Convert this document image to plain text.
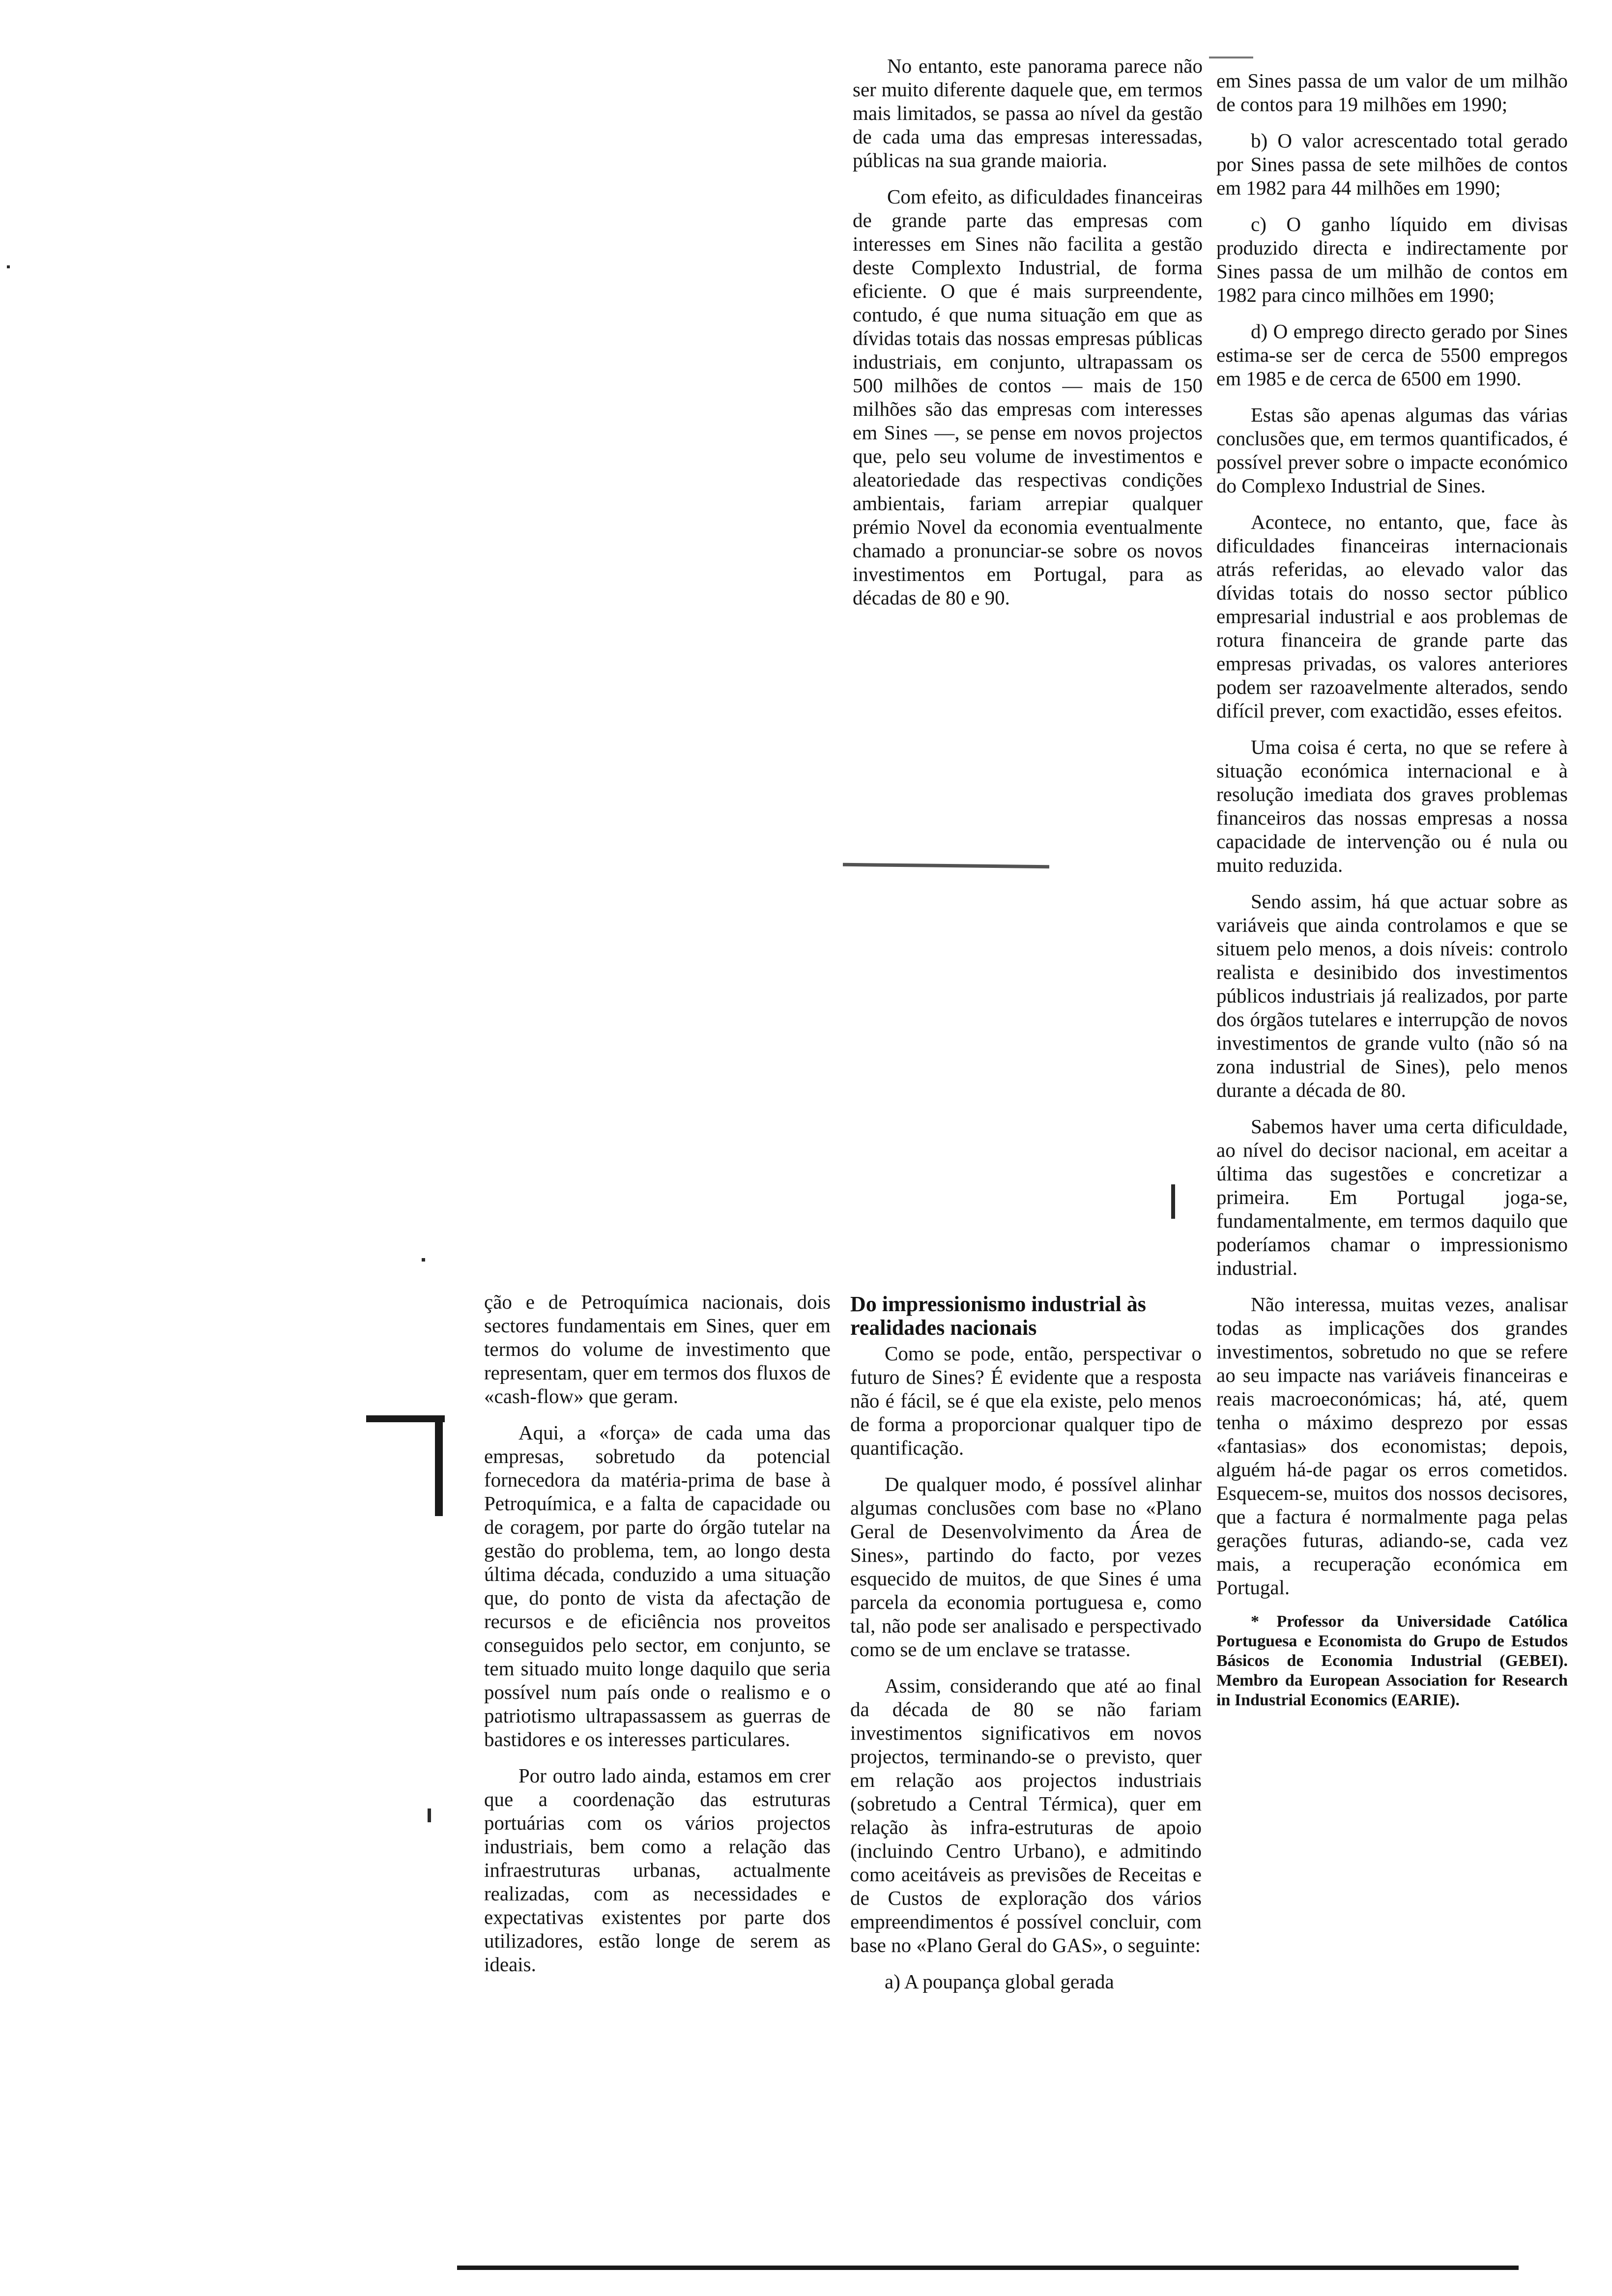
No entanto, este panorama parece não ser muito diferente daquele que, em termos mais limitados, se passa ao nível da gestão de cada uma das empresas interessadas, públicas na sua grande maioria.

Com efeito, as dificuldades financeiras de grande parte das empresas com interesses em Sines não facilita a gestão deste Complexto Industrial, de forma eficiente. O que é mais surpreendente, contudo, é que numa situação em que as dívidas totais das nossas empresas públicas industriais, em conjunto, ultrapassam os 500 milhões de contos — mais de 150 milhões são das empresas com interesses em Sines —, se pense em novos projectos que, pelo seu volume de investimentos e aleatoriedade das respectivas condições ambientais, fariam arrepiar qualquer prémio Novel da economia eventualmente chamado a pronunciar-se sobre os novos investimentos em Portugal, para as décadas de 80 e 90.

em Sines passa de um valor de um milhão de contos para 19 milhões em 1990;

b) O valor acrescentado total gerado por Sines passa de sete milhões de contos em 1982 para 44 milhões em 1990;

c) O ganho líquido em divisas produzido directa e indirectamente por Sines passa de um milhão de contos em 1982 para cinco milhões em 1990;

d) O emprego directo gerado por Sines estima-se ser de cerca de 5500 empregos em 1985 e de cerca de 6500 em 1990.

Estas são apenas algumas das várias conclusões que, em termos quantificados, é possível prever sobre o impacte económico do Complexo Industrial de Sines.

Acontece, no entanto, que, face às dificuldades financeiras internacionais atrás referidas, ao elevado valor das dívidas totais do nosso sector público empresarial industrial e aos problemas de rotura financeira de grande parte das empresas privadas, os valores anteriores podem ser razoavelmente alterados, sendo difícil prever, com exactidão, esses efeitos.

Uma coisa é certa, no que se refere à situação económica internacional e à resolução imediata dos graves problemas financeiros das nossas empresas a nossa capacidade de intervenção ou é nula ou muito reduzida.

Sendo assim, há que actuar sobre as variáveis que ainda controlamos e que se situem pelo menos, a dois níveis: controlo realista e desinibido dos investimentos públicos industriais já realizados, por parte dos órgãos tutelares e interrupção de novos investimentos de grande vulto (não só na zona industrial de Sines), pelo menos durante a década de 80.

Sabemos haver uma certa dificuldade, ao nível do decisor nacional, em aceitar a última das sugestões e concretizar a primeira. Em Portugal joga-se, fundamentalmente, em termos daquilo que poderíamos chamar o impressionismo industrial.

Não interessa, muitas vezes, analisar todas as implicações dos grandes investimentos, sobretudo no que se refere ao seu impacte nas variáveis financeiras e reais macroeconómicas; há, até, quem tenha o máximo desprezo por essas «fantasias» dos economistas; depois, alguém há-de pagar os erros cometidos. Esquecem-se, muitos dos nossos decisores, que a factura é normalmente paga pelas gerações futuras, adiando-se, cada vez mais, a recuperação económica em Portugal.

* Professor da Universidade Católica Portuguesa e Economista do Grupo de Estudos Básicos de Economia Industrial (GEBEI). Membro da European Association for Research in Industrial Economics (EARIE).

ção e de Petroquímica nacionais, dois sectores fundamentais em Sines, quer em termos do volume de investimento que representam, quer em termos dos fluxos de «cash-flow» que geram.

Aqui, a «força» de cada uma das empresas, sobretudo da potencial fornecedora da matéria-prima de base à Petroquímica, e a falta de capacidade ou de coragem, por parte do órgão tutelar na gestão do problema, tem, ao longo desta última década, conduzido a uma situação que, do ponto de vista da afectação de recursos e de eficiência nos proveitos conseguidos pelo sector, em conjunto, se tem situado muito longe daquilo que seria possível num país onde o realismo e o patriotismo ultrapassassem as guerras de bastidores e os interesses particulares.

Por outro lado ainda, estamos em crer que a coordenação das estruturas portuárias com os vários projectos industriais, bem como a relação das infraestruturas urbanas, actualmente realizadas, com as necessidades e expectativas existentes por parte dos utilizadores, estão longe de serem as ideais.

Do impressionismo industrial às realidades nacionais

Como se pode, então, perspectivar o futuro de Sines? É evidente que a resposta não é fácil, se é que ela existe, pelo menos de forma a proporcionar qualquer tipo de quantificação.

De qualquer modo, é possível alinhar algumas conclusões com base no «Plano Geral de Desenvolvimento da Área de Sines», partindo do facto, por vezes esquecido de muitos, de que Sines é uma parcela da economia portuguesa e, como tal, não pode ser analisado e perspectivado como se de um enclave se tratasse.

Assim, considerando que até ao final da década de 80 se não fariam investimentos significativos em novos projectos, terminando-se o previsto, quer em relação aos projectos industriais (sobretudo a Central Térmica), quer em relação às infra-estruturas de apoio (incluindo Centro Urbano), e admitindo como aceitáveis as previsões de Receitas e de Custos de exploração dos vários empreendimentos é possível concluir, com base no «Plano Geral do GAS», o seguinte:

a) A poupança global gerada
